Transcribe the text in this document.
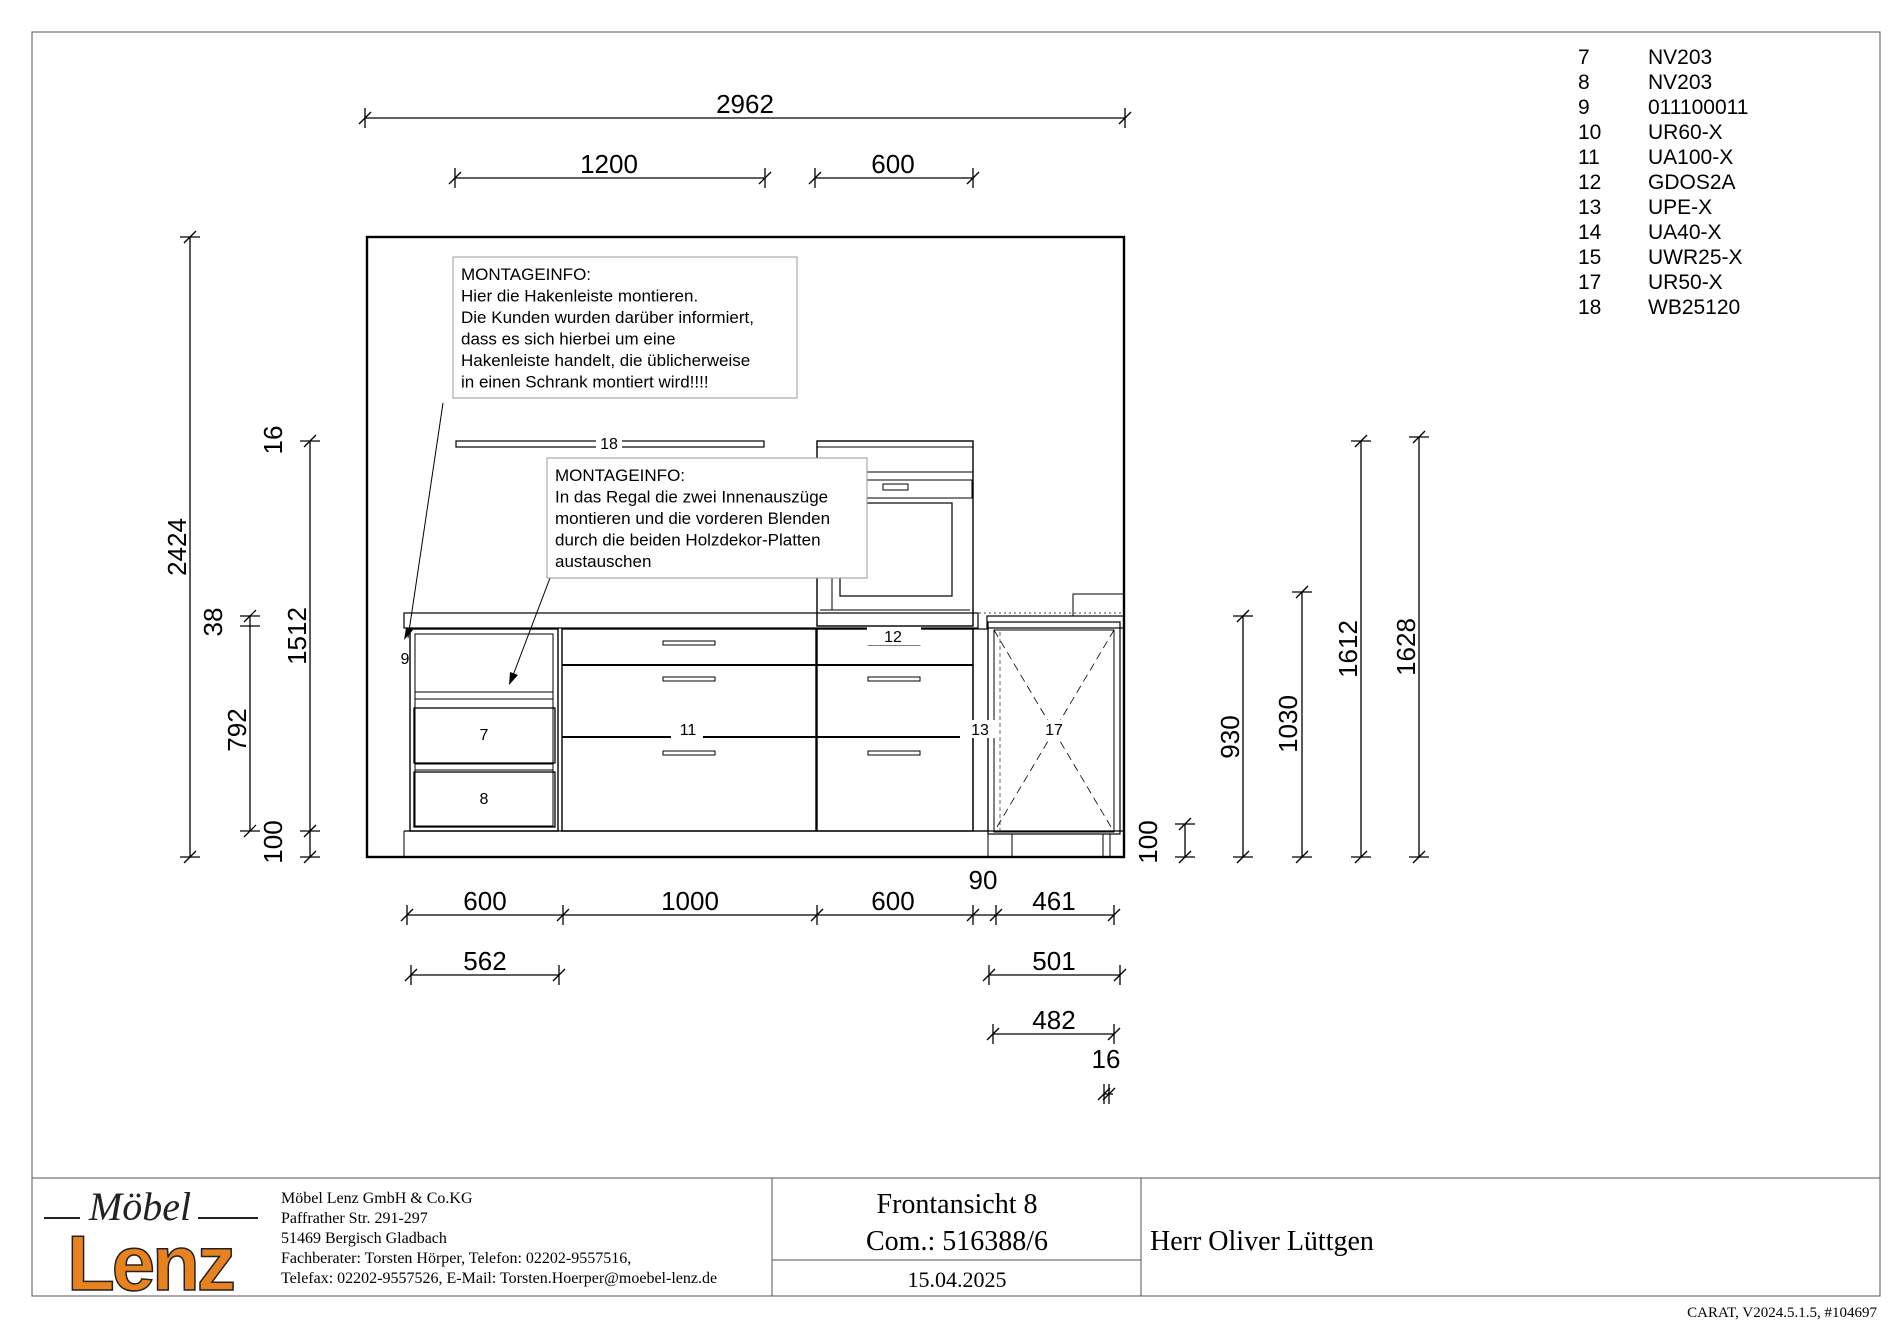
MONTAGEINFO: Hier die Hakenleiste montieren. Die Kunden wurden darüber informiert, dass es sich hierbei um eine Hakenleiste handelt, die üblicherweise in einen Schrank montiert wird!!!!
MONTAGEINFO: In das Regal die zwei Innenauszüge montieren und die vorderen Blenden durch die beiden Holzdekor-Platten austauschen
18
9
7
8
11
12
13	17
2962
1200	600
2424
16
38
792
1512
100	100
930 1030
1612 1628
600	1000	600
90
461
562	501
482
16
7	NV203
8	NV203
9	011100011
10 UR60-X
11 UA100-X
12 GDOS2A
13 UPE-X
14 UA40-X
15 UWR25-X
17 UR50-X
18 WB25120
Möbel
Lenz
Möbel Lenz GmbH & Co.KG
Paffrather Str. 291-297
51469 Bergisch Gladbach
Fachberater: Torsten Hörper, Telefon: 02202-9557516,
Telefax: 02202-9557526, E-Mail: Torsten.Hoerper@moebel-lenz.de
Frontansicht 8
Com.: 516388/6
15.04.2025
Herr Oliver Lüttgen
CARAT, V2024.5.1.5, #104697
